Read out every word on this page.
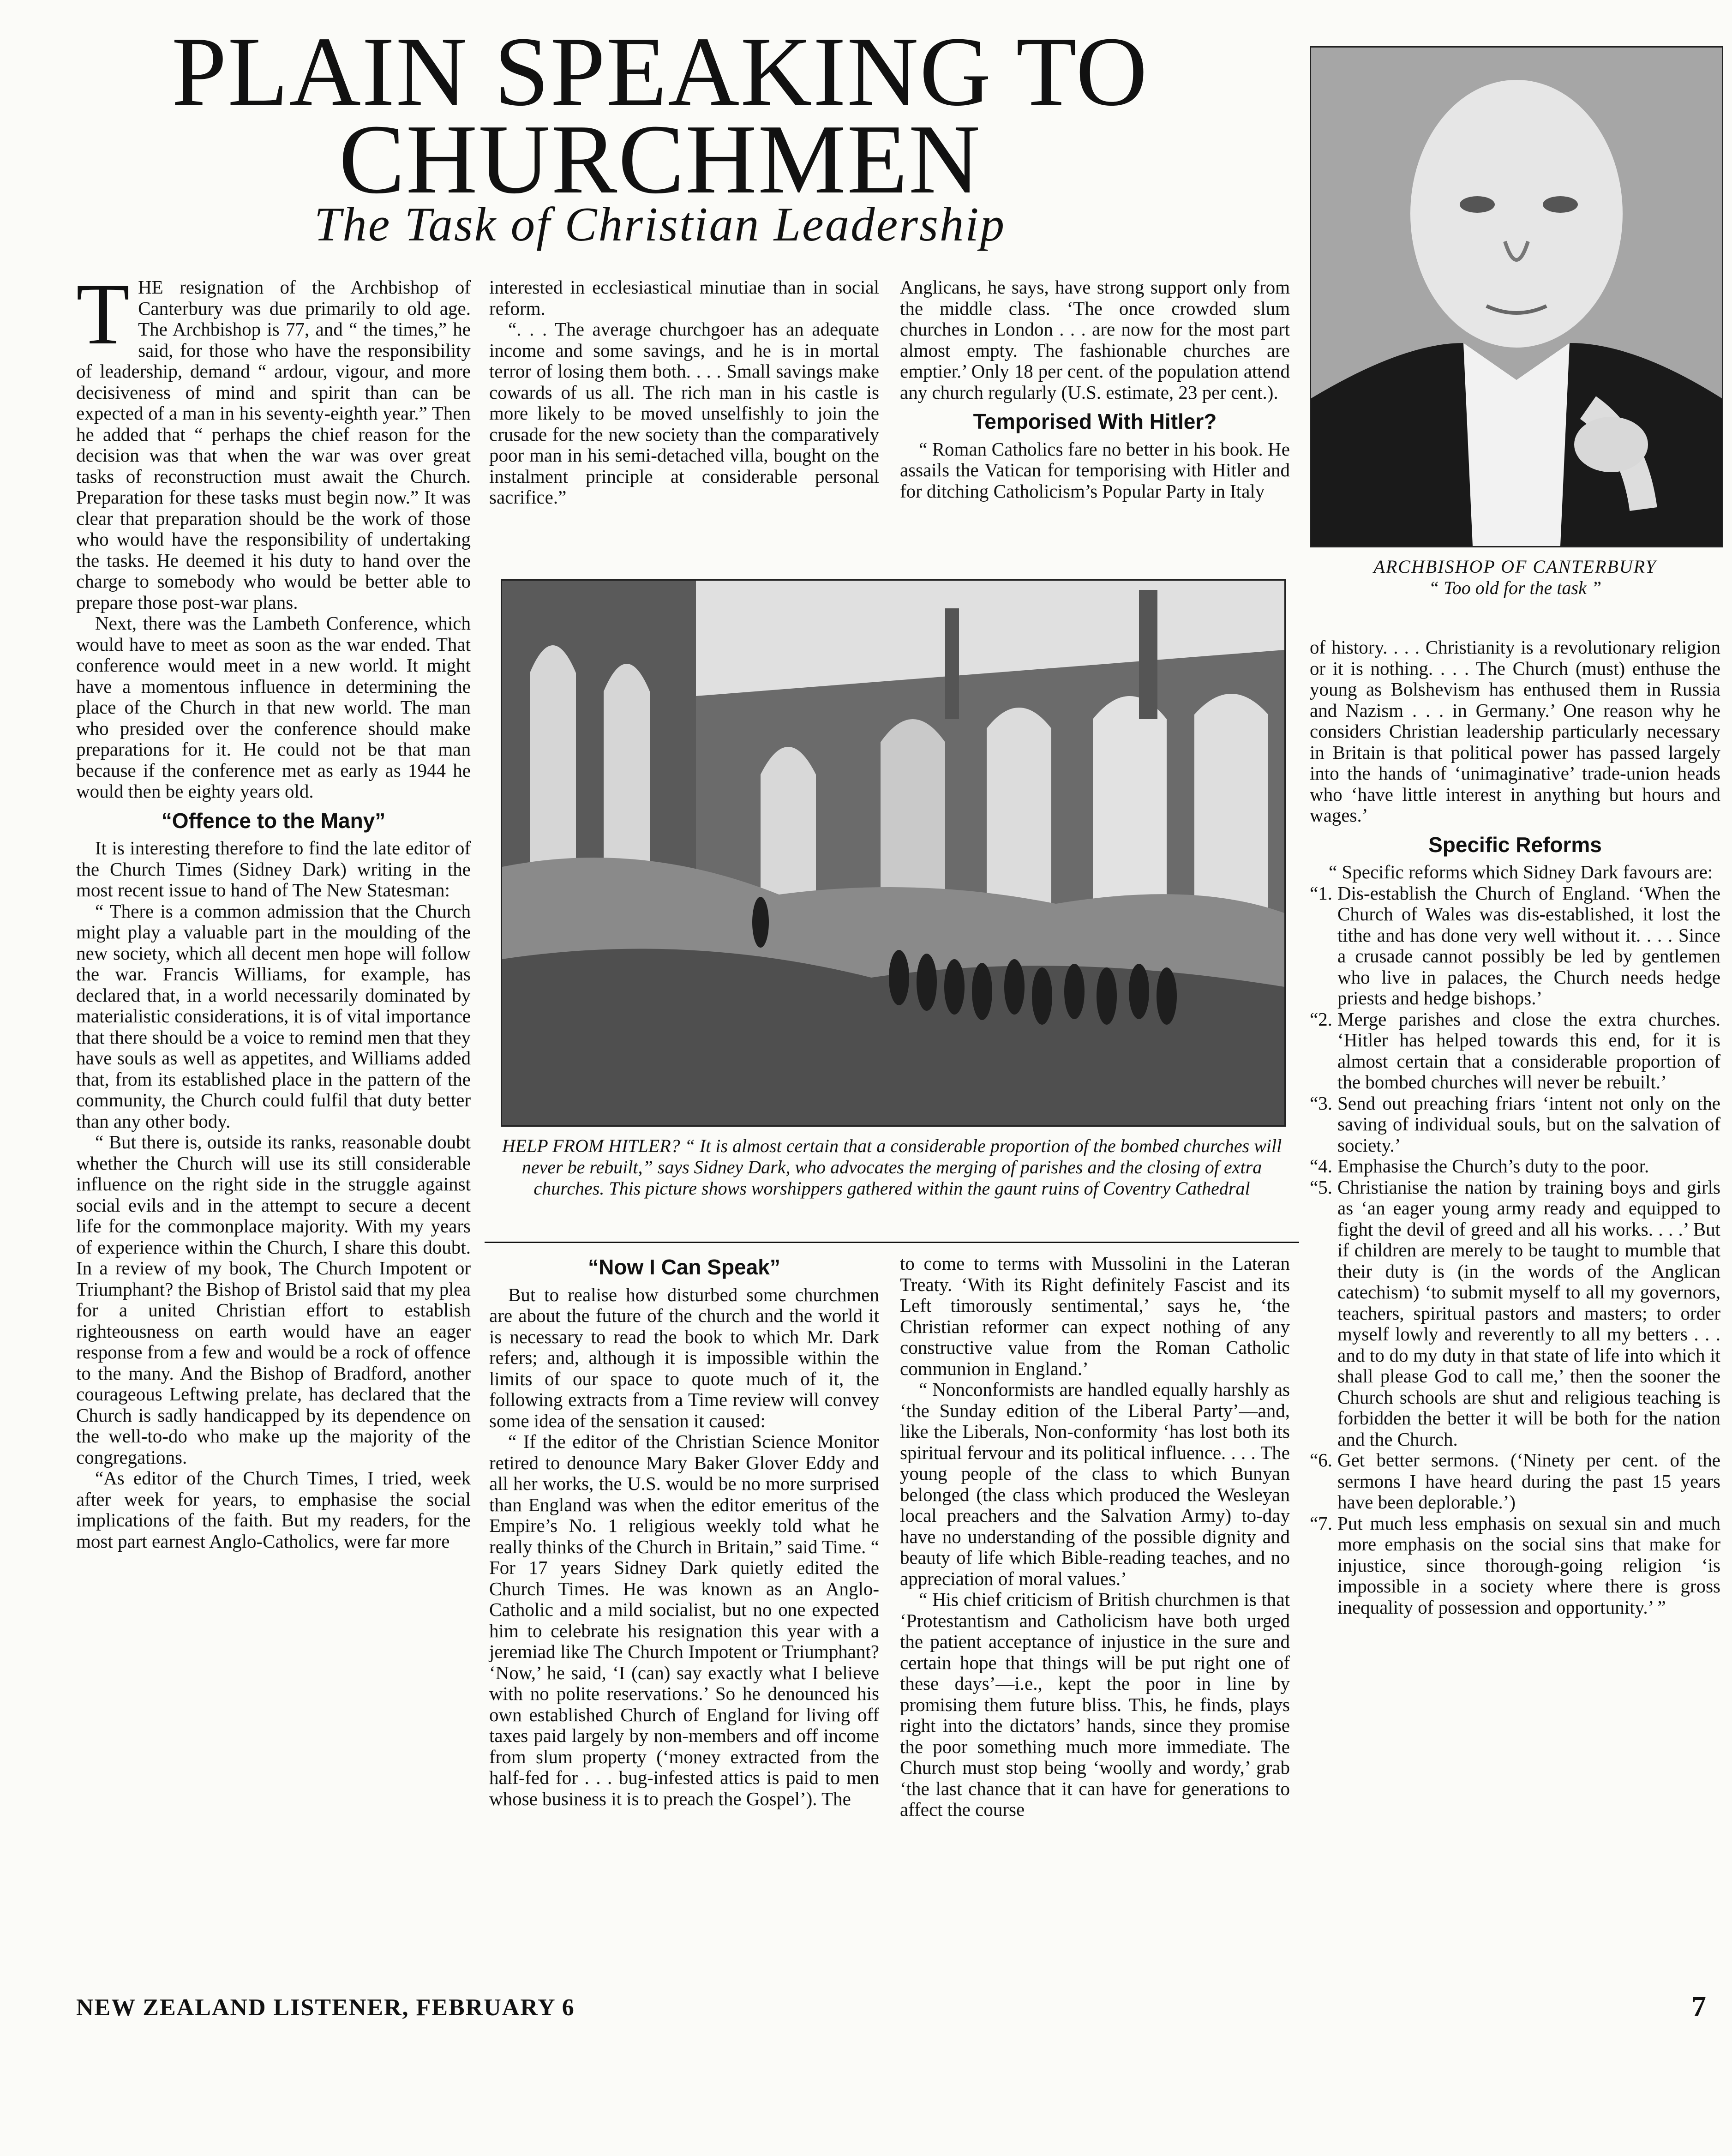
PLAIN SPEAKING TO
CHURCHMEN
The Task of Christian Leadership
ARCHBISHOP OF CANTERBURY
“ Too old for the task ”

THE resignation of the Archbishop of Canterbury was due primarily to old age. The Archbishop is 77, and “ the times,” he said, for those who have the responsibility of leadership, demand “ ardour, vigour, and more decisiveness of mind and spirit than can be expected of a man in his seventy-eighth year.” Then he added that “ perhaps the chief reason for the decision was that when the war was over great tasks of reconstruction must await the Church. Preparation for these tasks must begin now.” It was clear that preparation should be the work of those who would have the responsibility of undertaking the tasks. He deemed it his duty to hand over the charge to somebody who would be better able to prepare those post-war plans.

Next, there was the Lambeth Conference, which would have to meet as soon as the war ended. That conference would meet in a new world. It might have a momentous influence in determining the place of the Church in that new world. The man who presided over the conference should make preparations for it. He could not be that man because if the conference met as early as 1944 he would then be eighty years old.

“Offence to the Many”

It is interesting therefore to find the late editor of the Church Times (Sidney Dark) writing in the most recent issue to hand of The New Statesman:

“ There is a common admission that the Church might play a valuable part in the moulding of the new society, which all decent men hope will follow the war. Francis Williams, for example, has declared that, in a world necessarily dominated by materialistic considerations, it is of vital importance that there should be a voice to remind men that they have souls as well as appetites, and Williams added that, from its established place in the pattern of the community, the Church could fulfil that duty better than any other body.

“ But there is, outside its ranks, reasonable doubt whether the Church will use its still considerable influence on the right side in the struggle against social evils and in the attempt to secure a decent life for the commonplace majority. With my years of experience within the Church, I share this doubt. In a review of my book, The Church Impotent or Triumphant? the Bishop of Bristol said that my plea for a united Christian effort to establish righteousness on earth would have an eager response from a few and would be a rock of offence to the many. And the Bishop of Bradford, another courageous Leftwing prelate, has declared that the Church is sadly handicapped by its dependence on the well-to-do who make up the majority of the congregations.

“As editor of the Church Times, I tried, week after week for years, to emphasise the social implications of the faith. But my readers, for the most part earnest Anglo-Catholics, were far more

interested in ecclesiastical minutiae than in social reform.

“. . . The average churchgoer has an adequate income and some savings, and he is in mortal terror of losing them both. . . . Small savings make cowards of us all. The rich man in his castle is more likely to be moved unselfishly to join the crusade for the new society than the comparatively poor man in his semi-detached villa, bought on the instalment principle at considerable personal sacrifice.”

Anglicans, he says, have strong support only from the middle class. ‘The once crowded slum churches in London . . . are now for the most part almost empty. The fashionable churches are emptier.’ Only 18 per cent. of the population attend any church regularly (U.S. estimate, 23 per cent.).

Temporised With Hitler?

“ Roman Catholics fare no better in his book. He assails the Vatican for temporising with Hitler and for ditching Catholicism’s Popular Party in Italy

HELP FROM HITLER? “ It is almost certain that a considerable proportion of the bombed churches will never be rebuilt,” says Sidney Dark, who advocates the merging of parishes and the closing of extra churches. This picture shows worshippers gathered within the gaunt ruins of Coventry Cathedral
“Now I Can Speak”

But to realise how disturbed some churchmen are about the future of the church and the world it is necessary to read the book to which Mr. Dark refers; and, although it is impossible within the limits of our space to quote much of it, the following extracts from a Time review will convey some idea of the sensation it caused:

“ If the editor of the Christian Science Monitor retired to denounce Mary Baker Glover Eddy and all her works, the U.S. would be no more surprised than England was when the editor emeritus of the Empire’s No. 1 religious weekly told what he really thinks of the Church in Britain,” said Time. “ For 17 years Sidney Dark quietly edited the Church Times. He was known as an Anglo-Catholic and a mild socialist, but no one expected him to celebrate his resignation this year with a jeremiad like The Church Impotent or Triumphant? ‘Now,’ he said, ‘I (can) say exactly what I believe with no polite reservations.’ So he denounced his own established Church of England for living off taxes paid largely by non-members and off income from slum property (‘money extracted from the half-fed for . . . bug-infested attics is paid to men whose business it is to preach the Gospel’). The

to come to terms with Mussolini in the Lateran Treaty. ‘With its Right definitely Fascist and its Left timorously sentimental,’ says he, ‘the Christian reformer can expect nothing of any constructive value from the Roman Catholic communion in England.’

“ Nonconformists are handled equally harshly as ‘the Sunday edition of the Liberal Party’—and, like the Liberals, Non-conformity ‘has lost both its spiritual fervour and its political influence. . . . The young people of the class to which Bunyan belonged (the class which produced the Wesleyan local preachers and the Salvation Army) to-day have no understanding of the possible dignity and beauty of life which Bible-reading teaches, and no appreciation of moral values.’

“ His chief criticism of British churchmen is that ‘Protestantism and Catholicism have both urged the patient acceptance of injustice in the sure and certain hope that things will be put right one of these days’—i.e., kept the poor in line by promising them future bliss. This, he finds, plays right into the dictators’ hands, since they promise the poor something much more immediate. The Church must stop being ‘woolly and wordy,’ grab ‘the last chance that it can have for generations to affect the course

of history. . . . Christianity is a revolutionary religion or it is nothing. . . . The Church (must) enthuse the young as Bolshevism has enthused them in Russia and Nazism . . . in Germany.’ One reason why he considers Christian leadership particularly necessary in Britain is that political power has passed largely into the hands of ‘unimaginative’ trade-union heads who ‘have little interest in anything but hours and wages.’

Specific Reforms

“ Specific reforms which Sidney Dark favours are:

“1. Dis-establish the Church of England. ‘When the Church of Wales was dis-established, it lost the tithe and has done very well without it. . . . Since a crusade cannot possibly be led by gentlemen who live in palaces, the Church needs hedge priests and hedge bishops.’

“2. Merge parishes and close the extra churches. ‘Hitler has helped towards this end, for it is almost certain that a considerable proportion of the bombed churches will never be rebuilt.’

“3. Send out preaching friars ‘intent not only on the saving of individual souls, but on the salvation of society.’

“4. Emphasise the Church’s duty to the poor.

“5. Christianise the nation by training boys and girls as ‘an eager young army ready and equipped to fight the devil of greed and all his works. . . .’ But if children are merely to be taught to mumble that their duty is (in the words of the Anglican catechism) ‘to submit myself to all my governors, teachers, spiritual pastors and masters; to order myself lowly and reverently to all my betters . . . and to do my duty in that state of life into which it shall please God to call me,’ then the sooner the Church schools are shut and religious teaching is forbidden the better it will be both for the nation and the Church.

“6. Get better sermons. (‘Ninety per cent. of the sermons I have heard during the past 15 years have been deplorable.’)

“7. Put much less emphasis on sexual sin and much more emphasis on the social sins that make for injustice, since thorough-going religion ‘is impossible in a society where there is gross inequality of possession and opportunity.’ ”

NEW ZEALAND LISTENER, FEBRUARY 6	7
